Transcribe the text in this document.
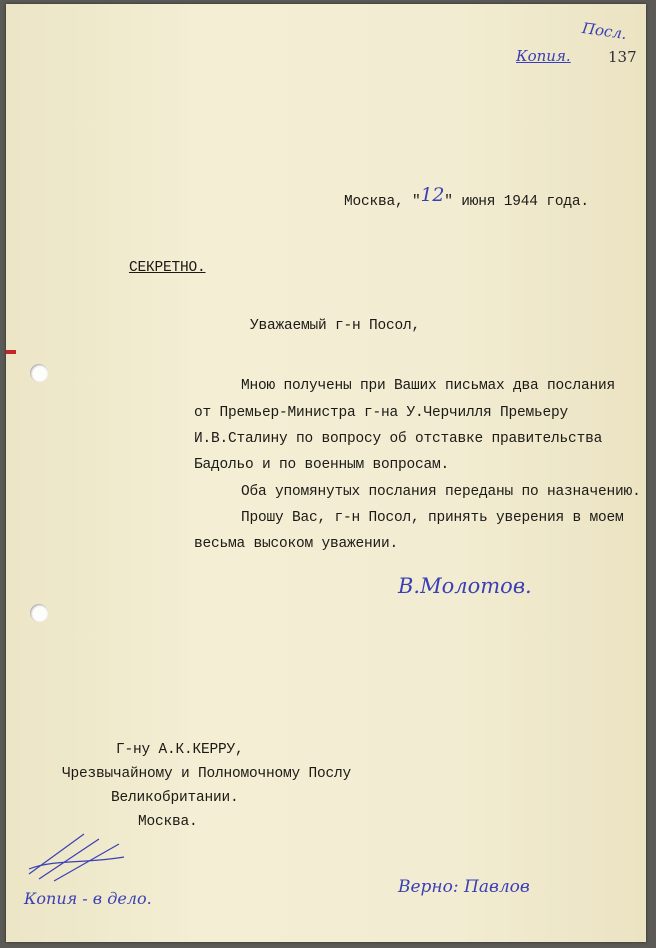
Копия.
Посл.
137
Москва, "12" июня 1944 года.
СЕКРЕТНО.
Уважаемый г-н Посол,
Мною получены при Ваших письмах два послания
от Премьер-Министра г-на У.Черчилля Премьеру
И.В.Сталину по вопросу об отставке правительства
Бадольо и по военным вопросам.
Оба упомянутых послания переданы по назначению.
Прошу Вас, г-н Посол, принять уверения в моем
весьма высоком уважении.
В.Молотов.
Г-ну А.К.КЕРРУ,
Чрезвычайному и Полномочному Послу
Великобритании.
Москва.
Копия - в дело.
Верно: Павлов
